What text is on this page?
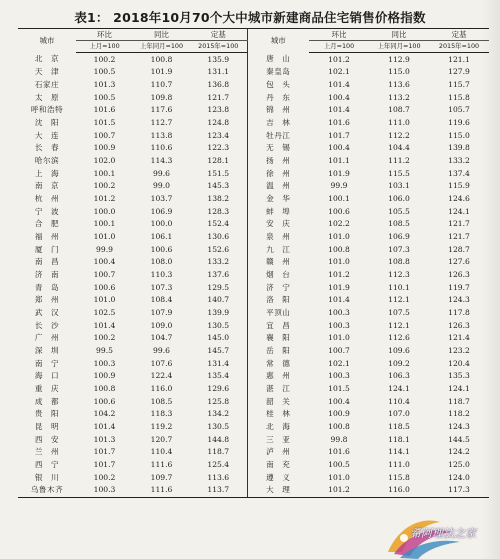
表1： 2018年10月70个大中城市新建商品住宅销售价格指数
城市	环比	同比	定基	城市	环比	同比	定基
	上月=100	上年同月=100	2015年=100		上月=100	上年同月=100	2015年=100
北　京	100.2	100.8	135.9	唐　山	101.2	112.9	121.1
天　津	100.5	101.9	131.1	秦皇岛	102.1	115.0	127.9
石家庄	101.3	110.7	136.8	包　头	101.4	113.6	115.7
太　原	100.5	109.8	121.7	丹　东	100.4	113.2	115.8
呼和浩特	101.6	117.6	123.8	锦　州	101.4	108.7	105.7
沈　阳	101.5	112.7	124.8	吉　林	101.6	111.0	119.6
大　连	100.7	113.8	123.4	牡丹江	101.7	112.2	115.0
长　春	100.9	110.6	122.3	无　锡	100.4	104.4	139.8
哈尔滨	102.0	114.3	128.1	扬　州	101.1	111.2	133.2
上　海	100.1	99.6	151.5	徐　州	101.9	115.5	137.4
南　京	100.2	99.0	145.3	温　州	99.9	103.1	115.9
杭　州	101.2	103.7	138.2	金　华	100.1	106.0	124.6
宁　波	100.0	106.9	128.3	蚌　埠	100.6	105.5	124.1
合　肥	100.1	100.0	152.4	安　庆	102.2	108.5	121.7
福　州	101.0	106.1	130.6	泉　州	101.0	106.9	121.7
厦　门	99.9	100.6	152.6	九　江	100.8	107.3	128.7
南　昌	100.4	108.0	133.2	赣　州	101.0	108.8	127.6
济　南	100.7	110.3	137.6	烟　台	101.2	112.3	126.3
青　岛	100.6	107.3	129.5	济　宁	101.9	110.1	119.7
郑　州	101.0	108.4	140.7	洛　阳	101.4	112.1	124.3
武　汉	102.5	107.9	139.9	平顶山	100.3	107.5	117.8
长　沙	101.4	109.0	130.5	宜　昌	100.3	112.1	126.3
广　州	100.2	104.7	145.0	襄　阳	101.0	112.6	121.4
深　圳	99.5	99.6	145.7	岳　阳	100.7	109.6	123.2
南　宁	100.3	107.6	131.4	常　德	102.1	109.2	120.4
海　口	100.9	122.4	135.4	惠　州	100.3	106.3	135.3
重　庆	100.8	116.0	129.6	湛　江	101.5	124.1	124.1
成　都	100.6	108.5	125.8	韶　关	100.4	110.4	118.7
贵　阳	104.2	118.3	134.2	桂　林	100.9	107.0	118.2
昆　明	101.4	119.2	130.5	北　海	100.8	118.5	124.3
西　安	101.3	120.7	144.8	三　亚	99.8	118.1	144.5
兰　州	101.7	110.4	118.7	泸　州	101.6	114.1	124.2
西　宁	101.7	111.6	125.4	南　充	100.5	111.0	125.0
银　川	100.2	109.7	113.6	遵　义	101.0	115.8	124.0
乌鲁木齐	100.3	111.6	113.7	大　理	101.2	116.0	117.3
希阿理法之家
